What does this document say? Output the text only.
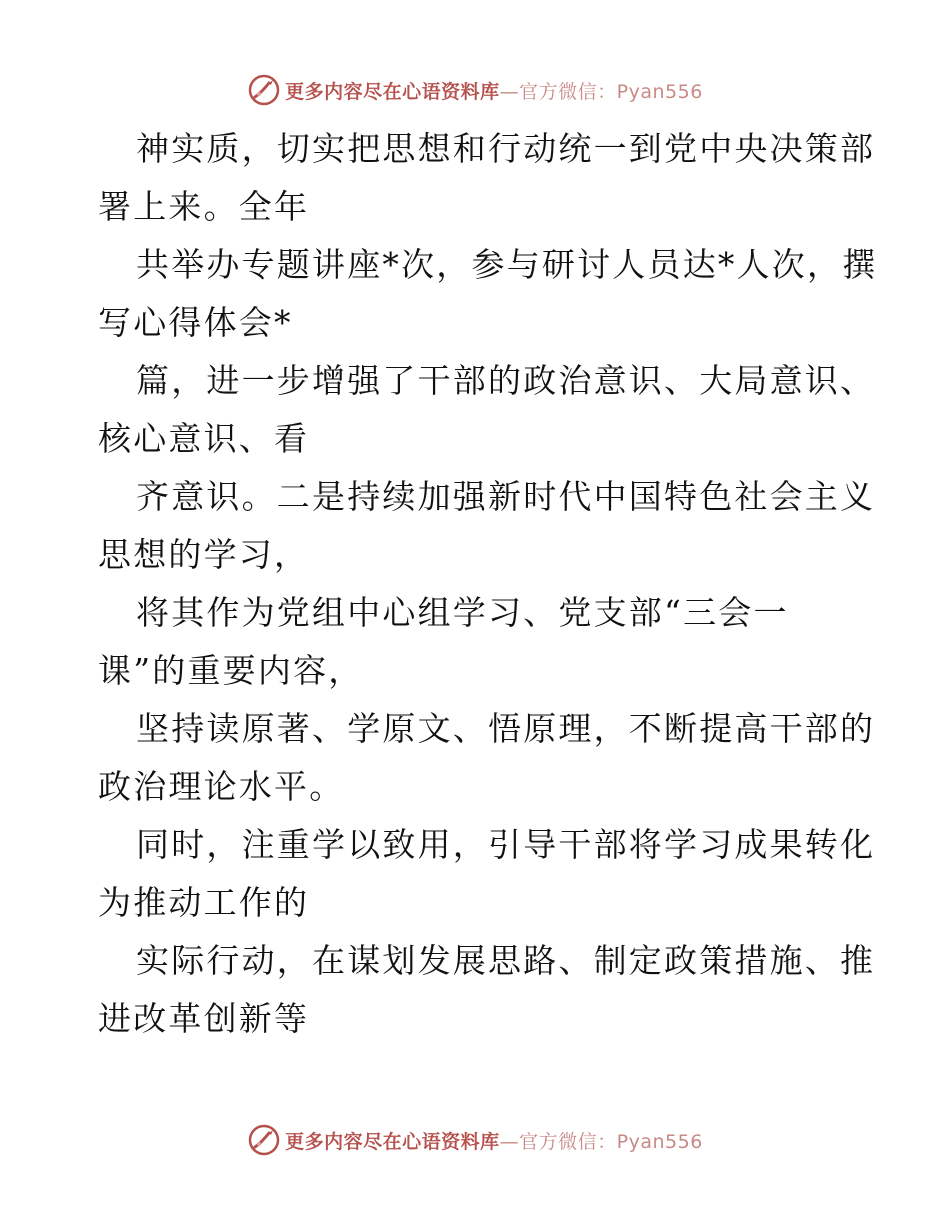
更多内容尽在心语资料库—官方微信：Pyan556
神实质，切实把思想和行动统一到党中央决策部
署上来。全年
共举办专题讲座*次，参与研讨人员达*人次，撰
写心得体会*
篇，进一步增强了干部的政治意识、大局意识、
核心意识、看
齐意识。二是持续加强新时代中国特色社会主义
思想的学习，
将其作为党组中心组学习、党支部“三会一
课”的重要内容，
坚持读原著、学原文、悟原理，不断提高干部的
政治理论水平。
同时，注重学以致用，引导干部将学习成果转化
为推动工作的
实际行动，在谋划发展思路、制定政策措施、推
进改革创新等
更多内容尽在心语资料库—官方微信：Pyan556
